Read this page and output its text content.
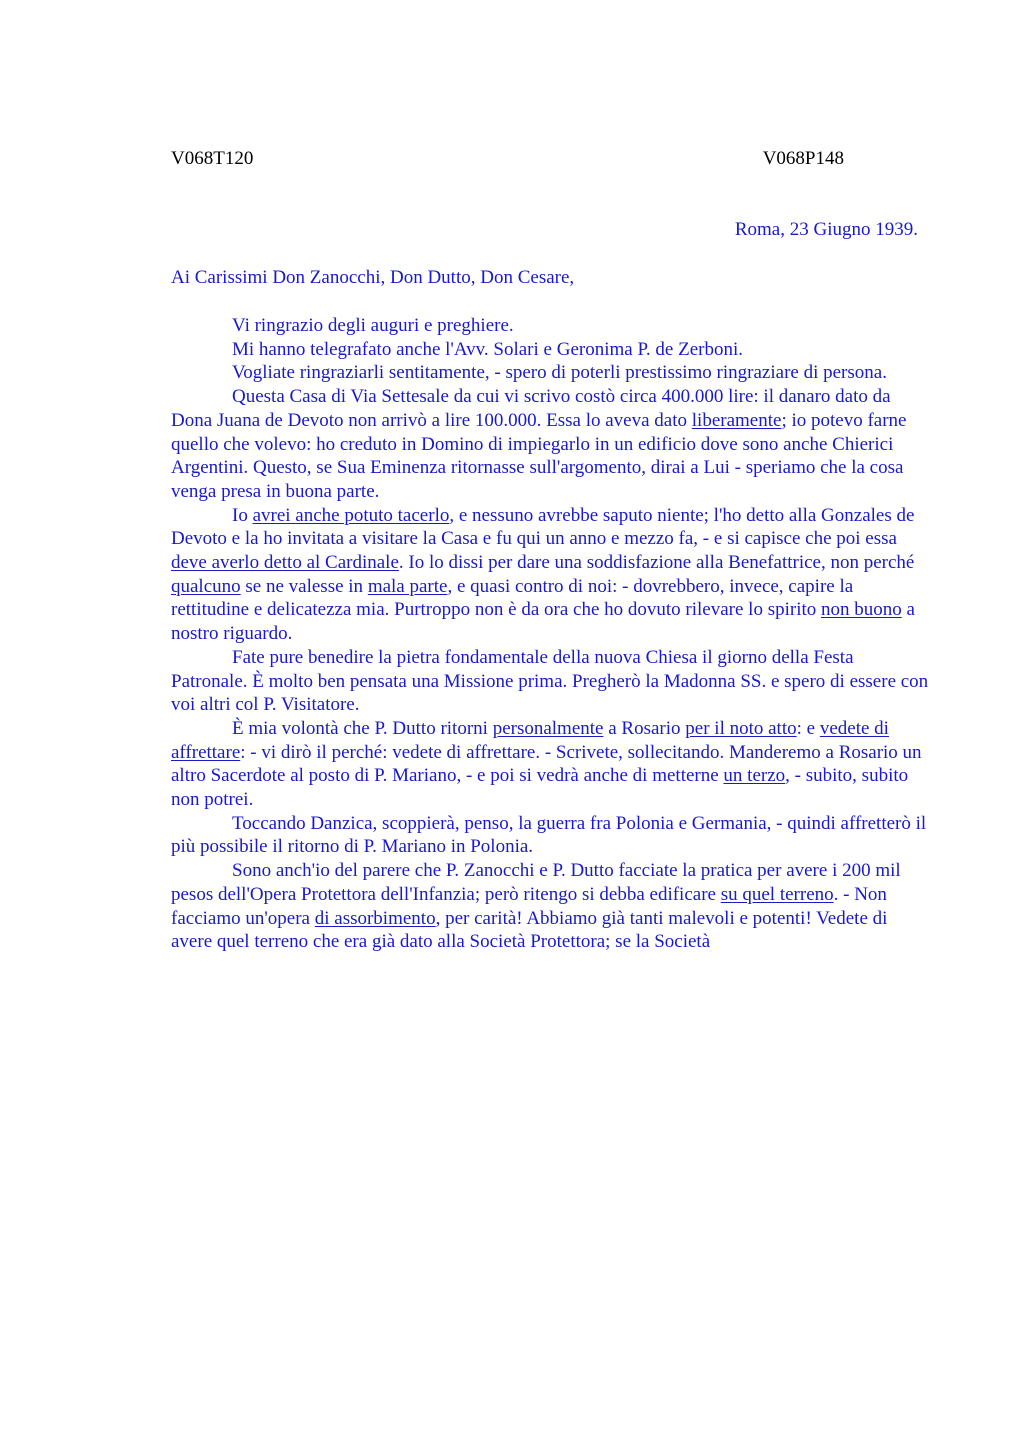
V068T120	V068P148
Roma, 23 Giugno 1939.
Ai Carissimi Don Zanocchi, Don Dutto, Don Cesare,

Vi ringrazio degli auguri e preghiere.

Mi hanno telegrafato anche l'Avv. Solari e Geronima P. de Zerboni.

Vogliate ringraziarli sentitamente, - spero di poterli prestissimo ringraziare di persona.

Questa Casa di Via Settesale da cui vi scrivo costò circa 400.000 lire: il danaro dato da Dona Juana de Devoto non arrivò a lire 100.000. Essa lo aveva dato liberamente; io potevo farne quello che volevo: ho creduto in Domino di impiegarlo in un edificio dove sono anche Chierici Argentini. Questo, se Sua Eminenza ritornasse sull'argomento, dirai a Lui - speriamo che la cosa venga presa in buona parte.

Io avrei anche potuto tacerlo, e nessuno avrebbe saputo niente; l'ho detto alla Gonzales de Devoto e la ho invitata a visitare la Casa e fu qui un anno e mezzo fa, - e si capisce che poi essa deve averlo detto al Cardinale. Io lo dissi per dare una soddisfazione alla Benefattrice, non perché qualcuno se ne valesse in mala parte, e quasi contro di noi: - dovrebbero, invece, capire la rettitudine e delicatezza mia. Purtroppo non è da ora che ho dovuto rilevare lo spirito non buono a nostro riguardo.

Fate pure benedire la pietra fondamentale della nuova Chiesa il giorno della Festa Patronale. È molto ben pensata una Missione prima. Pregherò la Madonna SS. e spero di essere con voi altri col P. Visitatore.

È mia volontà che P. Dutto ritorni personalmente a Rosario per il noto atto: e vedete di affrettare: - vi dirò il perché: vedete di affrettare. - Scrivete, sollecitando. Manderemo a Rosario un altro Sacerdote al posto di P. Mariano, - e poi si vedrà anche di metterne un terzo, - subito, subito non potrei.

Toccando Danzica, scoppierà, penso, la guerra fra Polonia e Germania, - quindi affretterò il più possibile il ritorno di P. Mariano in Polonia.

Sono anch'io del parere che P. Zanocchi e P. Dutto facciate la pratica per avere i 200 mil pesos dell'Opera Protettora dell'Infanzia; però ritengo si debba edificare su quel terreno. - Non facciamo un'opera di assorbimento, per carità! Abbiamo già tanti malevoli e potenti! Vedete di avere quel terreno che era già dato alla Società Protettora; se la Società
